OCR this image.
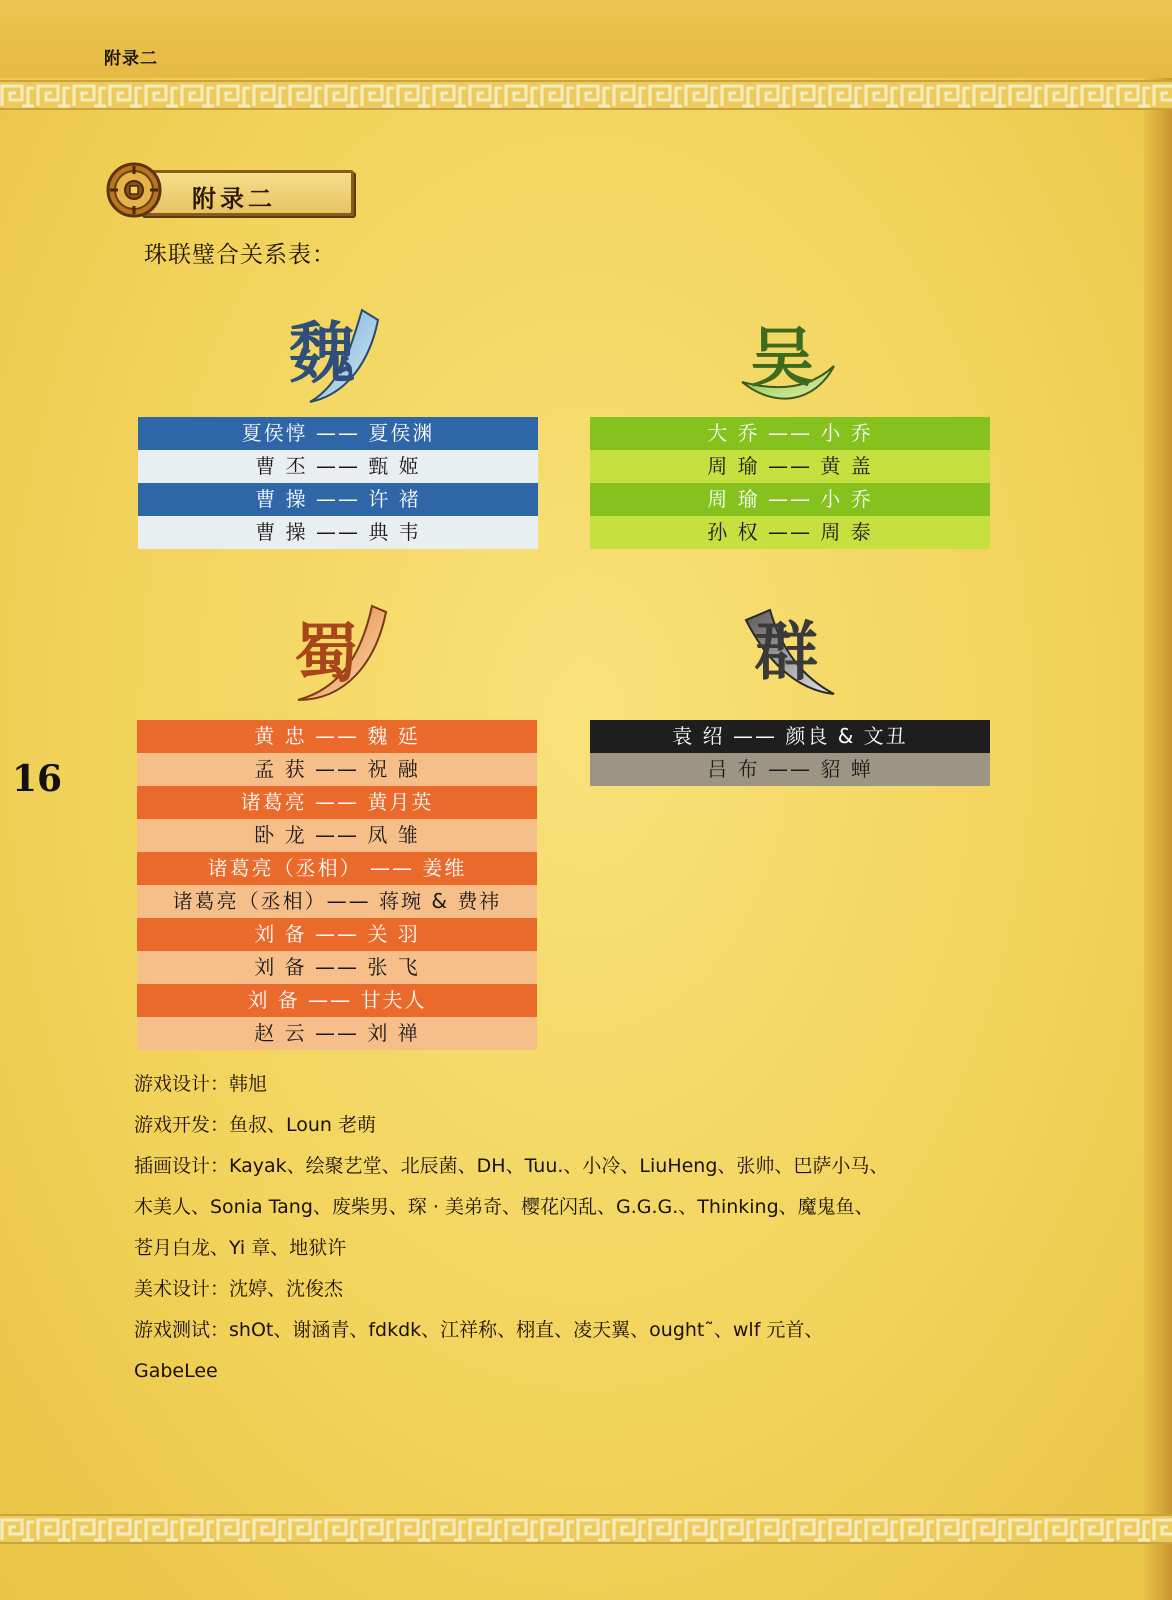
附录二
附录二
珠联璧合关系表：
魏	吴
蜀	群
夏侯惇 —— 夏侯渊
曹 丕 —— 甄 姬
曹 操 —— 许 褚
曹 操 —— 典 韦
大 乔 —— 小 乔
周 瑜 —— 黄 盖
周 瑜 —— 小 乔
孙 权 —— 周 泰
黄 忠 —— 魏 延
孟 获 —— 祝 融
诸葛亮 —— 黄月英
卧 龙 —— 凤 雏
诸葛亮（丞相） —— 姜维
诸葛亮（丞相）—— 蒋琬 & 费祎
刘 备 —— 关 羽
刘 备 —— 张 飞
刘 备 —— 甘夫人
赵 云 —— 刘 禅
袁 绍 —— 颜良 & 文丑
吕 布 —— 貂 蝉
16
游戏设计：韩旭
游戏开发：鱼叔、Loun 老萌
插画设计：Kayak、绘聚艺堂、北辰菌、DH、Tuu.、小冷、LiuHeng、张帅、巴萨小马、
木美人、Sonia Tang、废柴男、琛 · 美弟奇、樱花闪乱、G.G.G.、Thinking、魔鬼鱼、
苍月白龙、Yi 章、地狱许
美术设计：沈婷、沈俊杰
游戏测试：shOt、谢涵青、fdkdk、江祥称、栩直、凌天翼、ought˜、wlf 元首、
GabeLee
